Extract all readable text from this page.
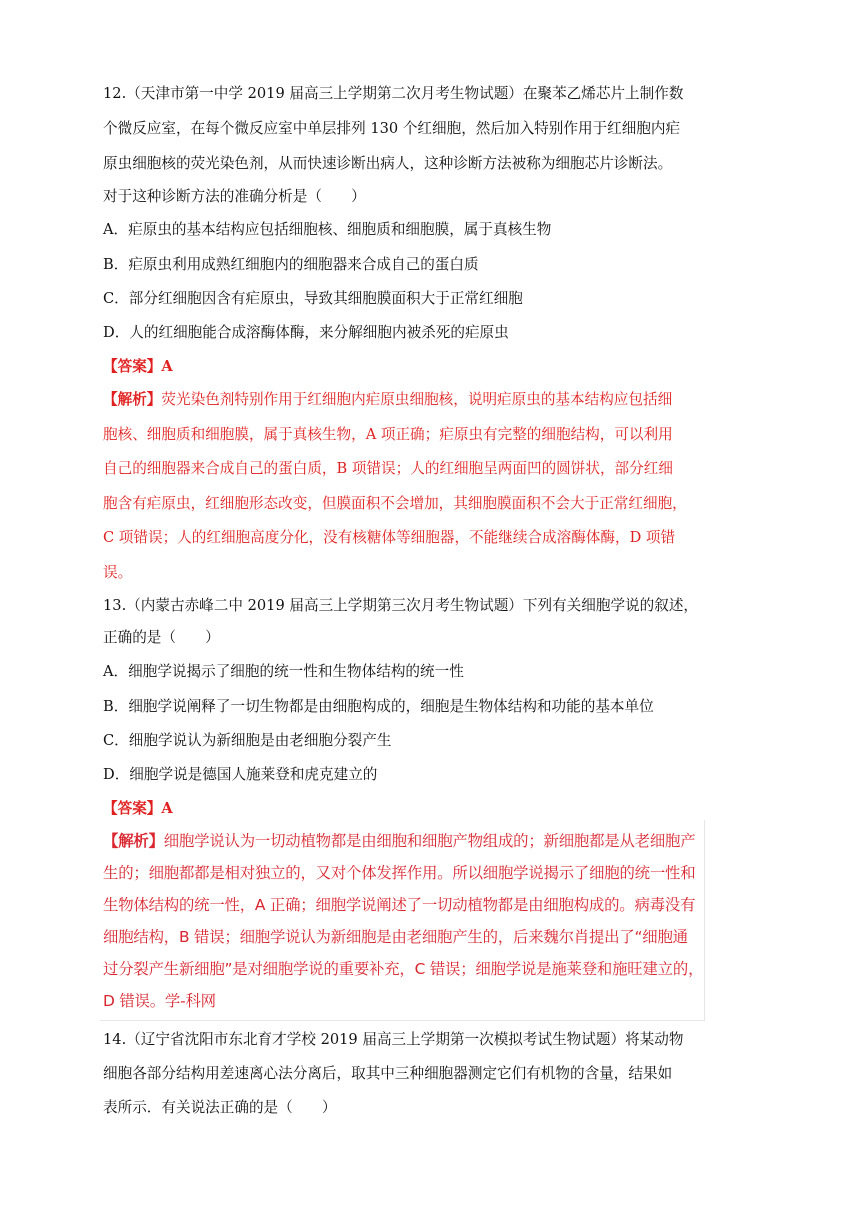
12.（天津市第一中学 2019 届高三上学期第二次月考生物试题）在聚苯乙烯芯片上制作数
个微反应室，在每个微反应室中单层排列 130 个红细胞，然后加入特别作用于红细胞内疟
原虫细胞核的荧光染色剂，从而快速诊断出病人，这种诊断方法被称为细胞芯片诊断法。
对于这种诊断方法的准确分析是（　　）
A．疟原虫的基本结构应包括细胞核、细胞质和细胞膜，属于真核生物
B．疟原虫利用成熟红细胞内的细胞器来合成自己的蛋白质
C．部分红细胞因含有疟原虫，导致其细胞膜面积大于正常红细胞
D．人的红细胞能合成溶酶体酶，来分解细胞内被杀死的疟原虫
【答案】A
【解析】荧光染色剂特别作用于红细胞内疟原虫细胞核，说明疟原虫的基本结构应包括细
胞核、细胞质和细胞膜，属于真核生物，A 项正确；疟原虫有完整的细胞结构，可以利用
自己的细胞器来合成自己的蛋白质，B 项错误；人的红细胞呈两面凹的圆饼状，部分红细
胞含有疟原虫，红细胞形态改变，但膜面积不会增加，其细胞膜面积不会大于正常红细胞，
C 项错误；人的红细胞高度分化，没有核糖体等细胞器，不能继续合成溶酶体酶，D 项错
误。
13.（内蒙古赤峰二中 2019 届高三上学期第三次月考生物试题）下列有关细胞学说的叙述，
正确的是（　　）
A．细胞学说揭示了细胞的统一性和生物体结构的统一性
B．细胞学说阐释了一切生物都是由细胞构成的，细胞是生物体结构和功能的基本单位
C．细胞学说认为新细胞是由老细胞分裂产生
D．细胞学说是德国人施莱登和虎克建立的
【答案】A
【解析】细胞学说认为一切动植物都是由细胞和细胞产物组成的；新细胞都是从老细胞产
生的；细胞都都是相对独立的，又对个体发挥作用。所以细胞学说揭示了细胞的统一性和
生物体结构的统一性，A 正确；细胞学说阐述了一切动植物都是由细胞构成的。病毒没有
细胞结构，B 错误；细胞学说认为新细胞是由老细胞产生的，后来魏尔肖提出了“细胞通
过分裂产生新细胞”是对细胞学说的重要补充，C 错误；细胞学说是施莱登和施旺建立的，
D 错误。学-科网
14.（辽宁省沈阳市东北育才学校 2019 届高三上学期第一次模拟考试生物试题）将某动物
细胞各部分结构用差速离心法分离后，取其中三种细胞器测定它们有机物的含量，结果如
表所示．有关说法正确的是（　　）
